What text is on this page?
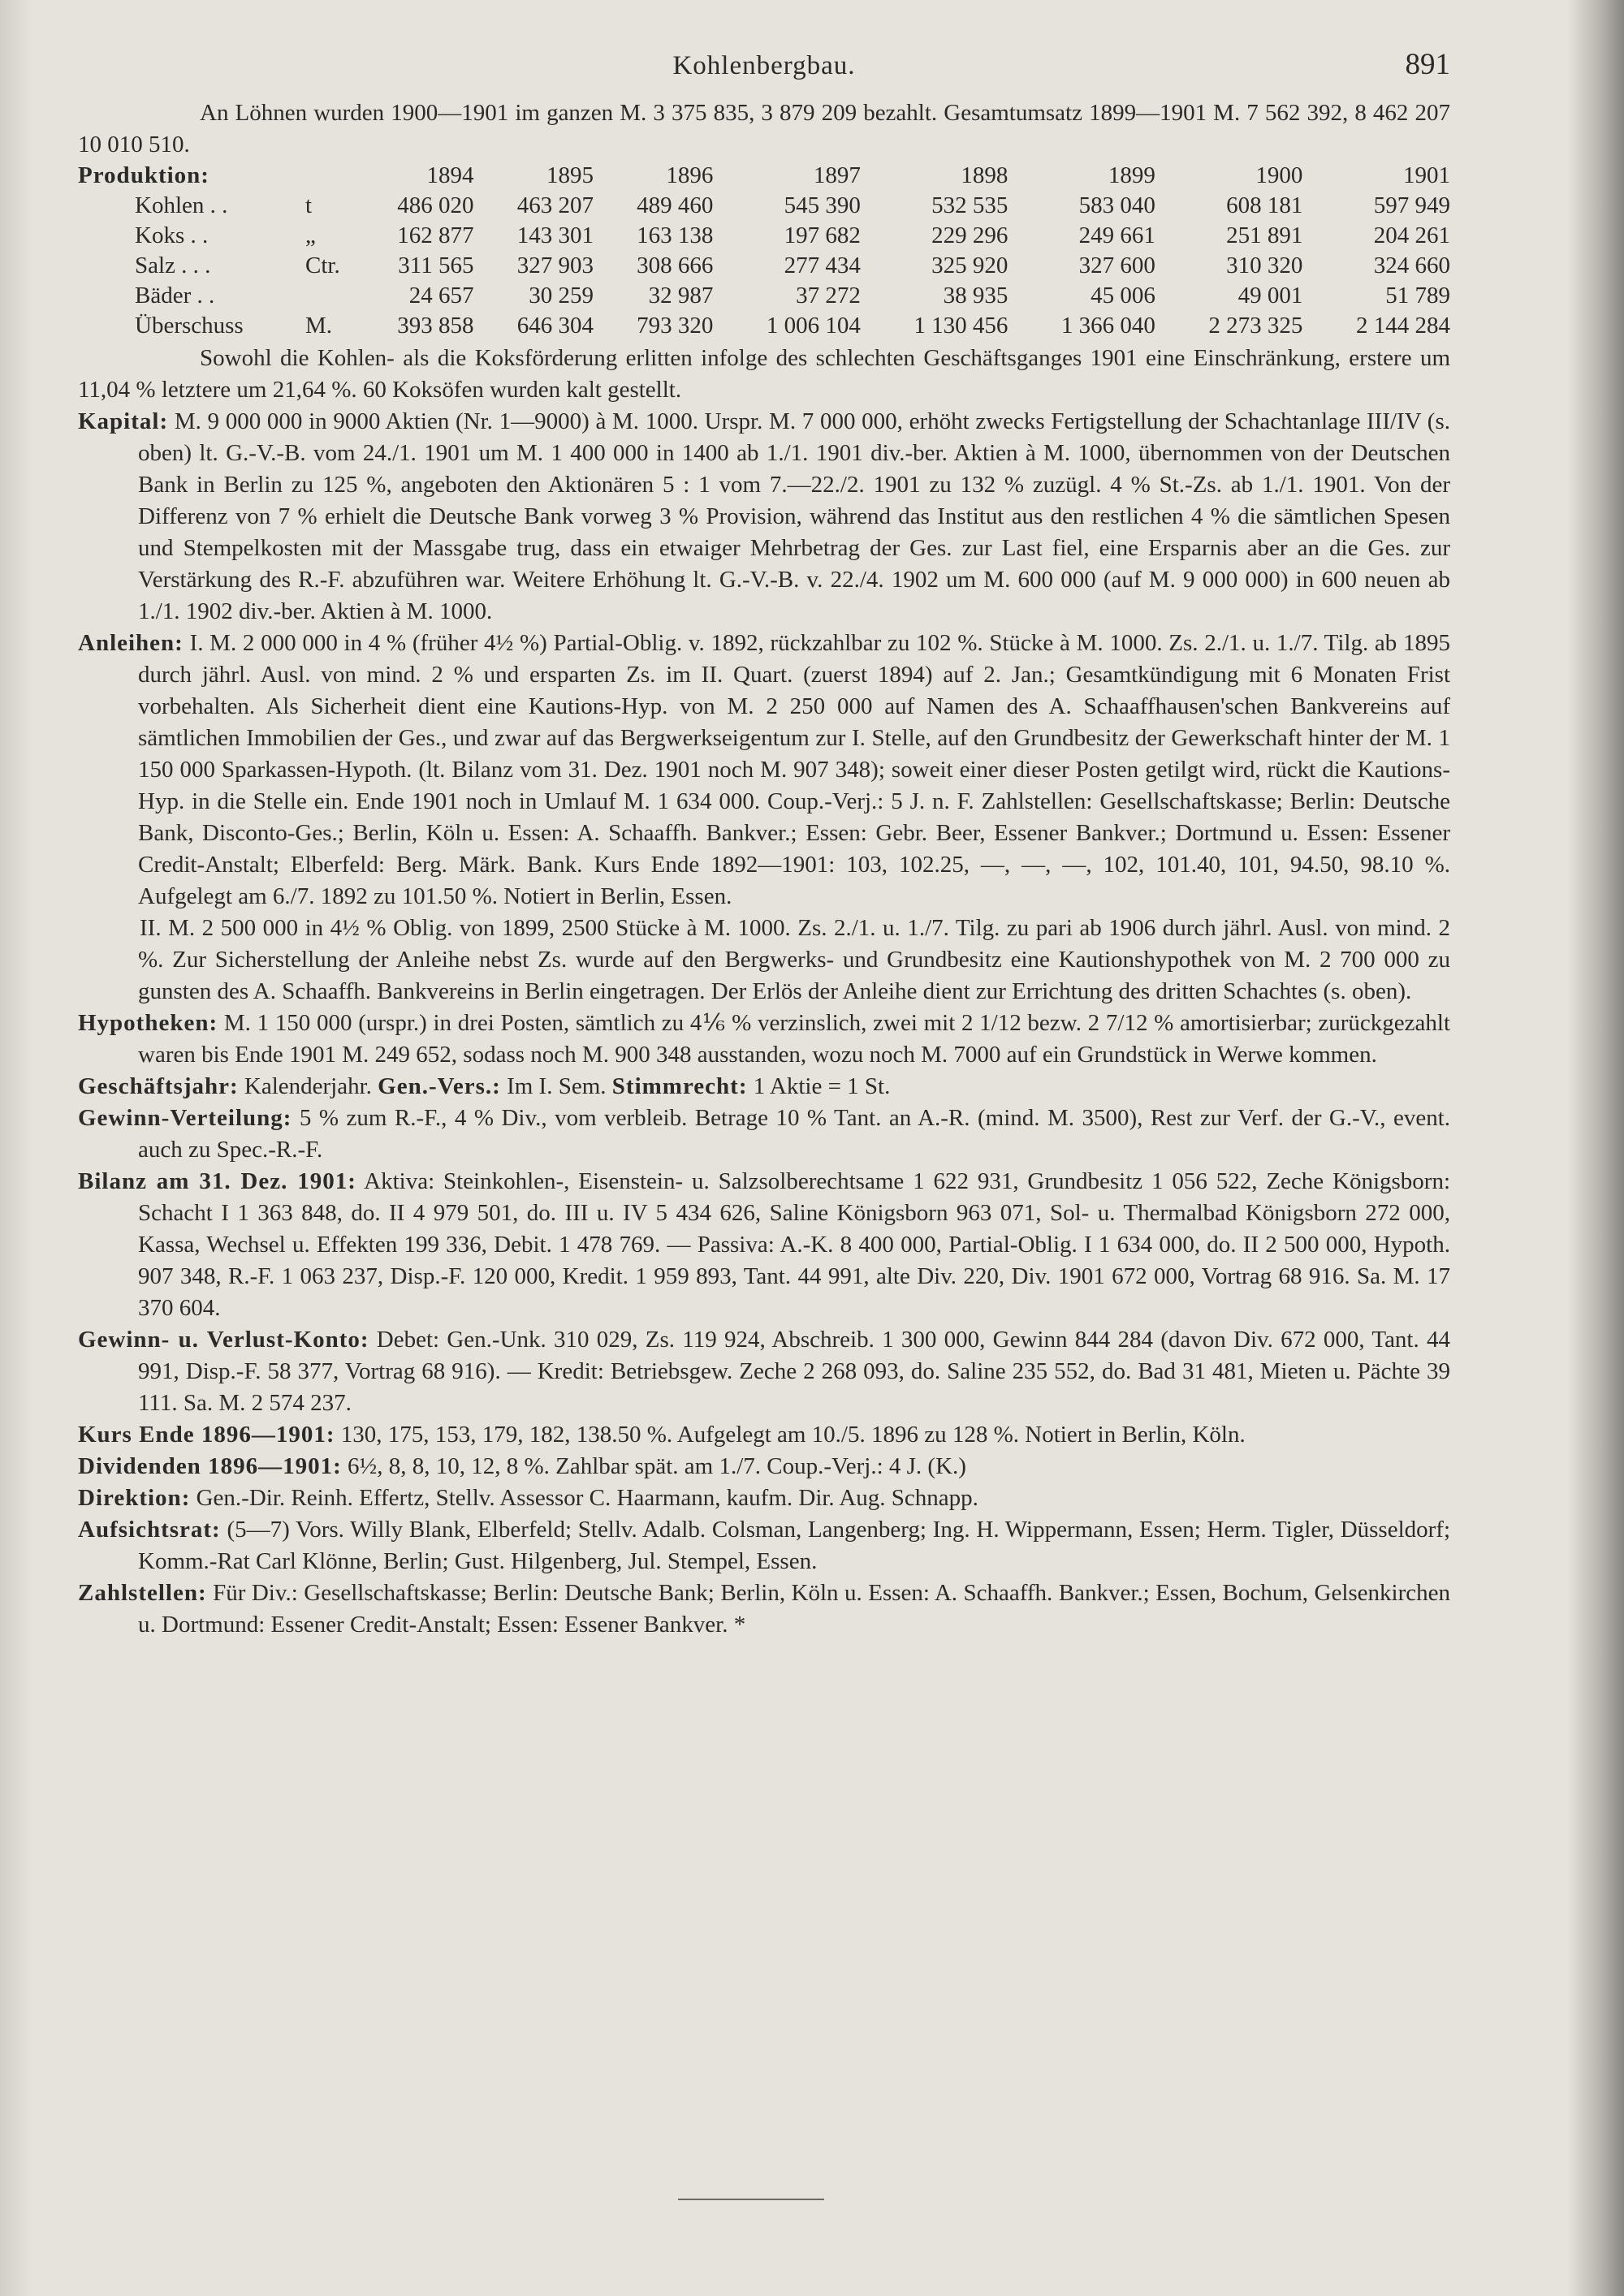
Kohlenbergbau.	891

An Löhnen wurden 1900—1901 im ganzen M. 3 375 835, 3 879 209 bezahlt. Gesamtumsatz 1899—1901 M. 7 562 392, 8 462 207 10 010 510.

Produktion:		1894	1895	1896	1897	1898	1899	1900	1901
Kohlen . .	t	486 020	463 207	489 460	545 390	532 535	583 040	608 181	597 949
Koks . .	„	162 877	143 301	163 138	197 682	229 296	249 661	251 891	204 261
Salz . . .	Ctr.	311 565	327 903	308 666	277 434	325 920	327 600	310 320	324 660
Bäder . .		24 657	30 259	32 987	37 272	38 935	45 006	49 001	51 789
Überschuss	M.	393 858	646 304	793 320	1 006 104	1 130 456	1 366 040	2 273 325	2 144 284

Sowohl die Kohlen- als die Koksförderung erlitten infolge des schlechten Geschäftsganges 1901 eine Einschränkung, erstere um 11,04 % letztere um 21,64 %. 60 Koksöfen wurden kalt gestellt.

Kapital: M. 9 000 000 in 9000 Aktien (Nr. 1—9000) à M. 1000. Urspr. M. 7 000 000, erhöht zwecks Fertigstellung der Schachtanlage III/IV (s. oben) lt. G.-V.-B. vom 24./1. 1901 um M. 1 400 000 in 1400 ab 1./1. 1901 div.-ber. Aktien à M. 1000, übernommen von der Deutschen Bank in Berlin zu 125 %, angeboten den Aktionären 5 : 1 vom 7.—22./2. 1901 zu 132 % zuzügl. 4 % St.-Zs. ab 1./1. 1901. Von der Differenz von 7 % erhielt die Deutsche Bank vorweg 3 % Provision, während das Institut aus den restlichen 4 % die sämtlichen Spesen und Stempelkosten mit der Massgabe trug, dass ein etwaiger Mehrbetrag der Ges. zur Last fiel, eine Ersparnis aber an die Ges. zur Verstärkung des R.-F. abzuführen war. Weitere Erhöhung lt. G.-V.-B. v. 22./4. 1902 um M. 600 000 (auf M. 9 000 000) in 600 neuen ab 1./1. 1902 div.-ber. Aktien à M. 1000.

Anleihen: I. M. 2 000 000 in 4 % (früher 4½ %) Partial-Oblig. v. 1892, rückzahlbar zu 102 %. Stücke à M. 1000. Zs. 2./1. u. 1./7. Tilg. ab 1895 durch jährl. Ausl. von mind. 2 % und ersparten Zs. im II. Quart. (zuerst 1894) auf 2. Jan.; Gesamtkündigung mit 6 Monaten Frist vorbehalten. Als Sicherheit dient eine Kautions-Hyp. von M. 2 250 000 auf Namen des A. Schaaffhausen'schen Bankvereins auf sämtlichen Immobilien der Ges., und zwar auf das Bergwerkseigentum zur I. Stelle, auf den Grundbesitz der Gewerkschaft hinter der M. 1 150 000 Sparkassen-Hypoth. (lt. Bilanz vom 31. Dez. 1901 noch M. 907 348); soweit einer dieser Posten getilgt wird, rückt die Kautions-Hyp. in die Stelle ein. Ende 1901 noch in Umlauf M. 1 634 000. Coup.-Verj.: 5 J. n. F. Zahlstellen: Gesellschaftskasse; Berlin: Deutsche Bank, Disconto-Ges.; Berlin, Köln u. Essen: A. Schaaffh. Bankver.; Essen: Gebr. Beer, Essener Bankver.; Dortmund u. Essen: Essener Credit-Anstalt; Elberfeld: Berg. Märk. Bank. Kurs Ende 1892—1901: 103, 102.25, —, —, —, 102, 101.40, 101, 94.50, 98.10 %. Aufgelegt am 6./7. 1892 zu 101.50 %. Notiert in Berlin, Essen.

II. M. 2 500 000 in 4½ % Oblig. von 1899, 2500 Stücke à M. 1000. Zs. 2./1. u. 1./7. Tilg. zu pari ab 1906 durch jährl. Ausl. von mind. 2 %. Zur Sicherstellung der Anleihe nebst Zs. wurde auf den Bergwerks- und Grundbesitz eine Kautionshypothek von M. 2 700 000 zu gunsten des A. Schaaffh. Bankvereins in Berlin eingetragen. Der Erlös der Anleihe dient zur Errichtung des dritten Schachtes (s. oben).

Hypotheken: M. 1 150 000 (urspr.) in drei Posten, sämtlich zu 4⅙ % verzinslich, zwei mit 2 1/12 bezw. 2 7/12 % amortisierbar; zurückgezahlt waren bis Ende 1901 M. 249 652, sodass noch M. 900 348 ausstanden, wozu noch M. 7000 auf ein Grundstück in Werwe kommen.

Geschäftsjahr: Kalenderjahr. Gen.-Vers.: Im I. Sem. Stimmrecht: 1 Aktie = 1 St.

Gewinn-Verteilung: 5 % zum R.-F., 4 % Div., vom verbleib. Betrage 10 % Tant. an A.-R. (mind. M. 3500), Rest zur Verf. der G.-V., event. auch zu Spec.-R.-F.

Bilanz am 31. Dez. 1901: Aktiva: Steinkohlen-, Eisenstein- u. Salzsolberechtsame 1 622 931, Grundbesitz 1 056 522, Zeche Königsborn: Schacht I 1 363 848, do. II 4 979 501, do. III u. IV 5 434 626, Saline Königsborn 963 071, Sol- u. Thermalbad Königsborn 272 000, Kassa, Wechsel u. Effekten 199 336, Debit. 1 478 769. — Passiva: A.-K. 8 400 000, Partial-Oblig. I 1 634 000, do. II 2 500 000, Hypoth. 907 348, R.-F. 1 063 237, Disp.-F. 120 000, Kredit. 1 959 893, Tant. 44 991, alte Div. 220, Div. 1901 672 000, Vortrag 68 916. Sa. M. 17 370 604.

Gewinn- u. Verlust-Konto: Debet: Gen.-Unk. 310 029, Zs. 119 924, Abschreib. 1 300 000, Gewinn 844 284 (davon Div. 672 000, Tant. 44 991, Disp.-F. 58 377, Vortrag 68 916). — Kredit: Betriebsgew. Zeche 2 268 093, do. Saline 235 552, do. Bad 31 481, Mieten u. Pächte 39 111. Sa. M. 2 574 237.

Kurs Ende 1896—1901: 130, 175, 153, 179, 182, 138.50 %. Aufgelegt am 10./5. 1896 zu 128 %. Notiert in Berlin, Köln.

Dividenden 1896—1901: 6½, 8, 8, 10, 12, 8 %. Zahlbar spät. am 1./7. Coup.-Verj.: 4 J. (K.)

Direktion: Gen.-Dir. Reinh. Effertz, Stellv. Assessor C. Haarmann, kaufm. Dir. Aug. Schnapp.

Aufsichtsrat: (5—7) Vors. Willy Blank, Elberfeld; Stellv. Adalb. Colsman, Langenberg; Ing. H. Wippermann, Essen; Herm. Tigler, Düsseldorf; Komm.-Rat Carl Klönne, Berlin; Gust. Hilgenberg, Jul. Stempel, Essen.

Zahlstellen: Für Div.: Gesellschaftskasse; Berlin: Deutsche Bank; Berlin, Köln u. Essen: A. Schaaffh. Bankver.; Essen, Bochum, Gelsenkirchen u. Dortmund: Essener Credit-Anstalt; Essen: Essener Bankver. *
